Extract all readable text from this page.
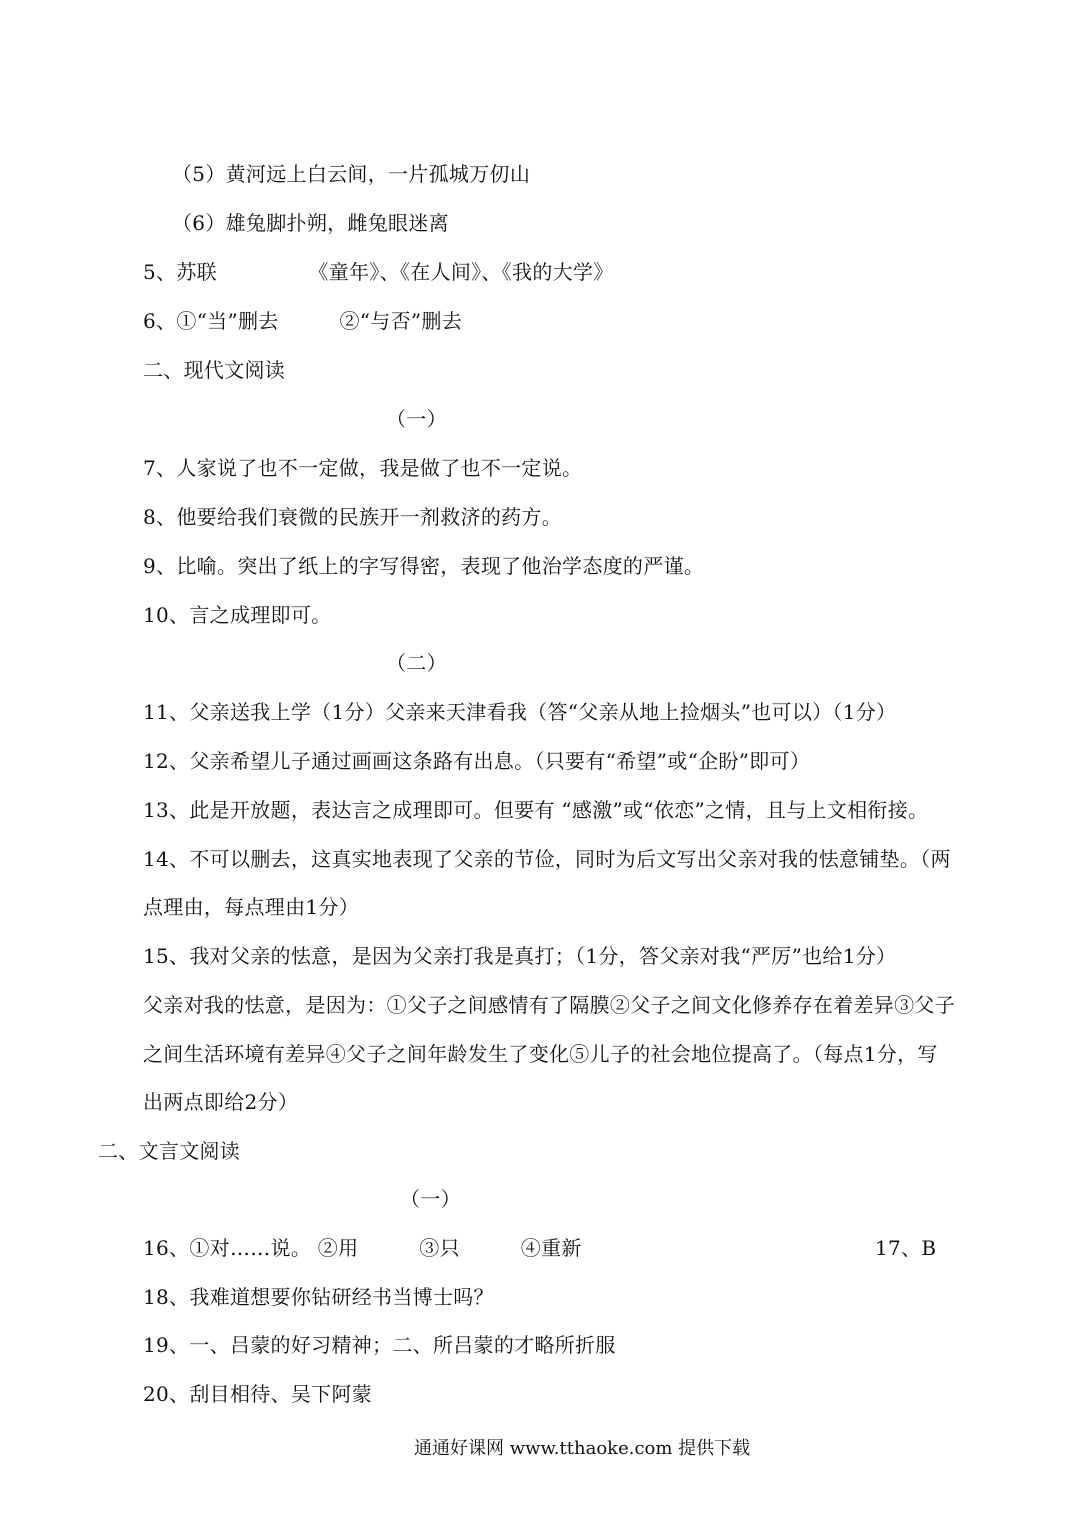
（5）黄河远上白云间，一片孤城万仞山
（6）雄兔脚扑朔，雌兔眼迷离
5、苏联　　　　　《童年》、《在人间》、《我的大学》
6、①“当”删去　　　②“与否”删去
二、现代文阅读
（一）
7、人家说了也不一定做，我是做了也不一定说。
8、他要给我们衰微的民族开一剂救济的药方。
9、比喻。突出了纸上的字写得密，表现了他治学态度的严谨。
10、言之成理即可。
（二）
11、父亲送我上学（1分）父亲来天津看我（答“父亲从地上捡烟头”也可以）（1分）
12、父亲希望儿子通过画画这条路有出息。（只要有“希望”或“企盼”即可）
13、此是开放题，表达言之成理即可。但要有 “感激”或“依恋”之情，且与上文相衔接。
14、不可以删去，这真实地表现了父亲的节俭，同时为后文写出父亲对我的怯意铺垫。（两
点理由，每点理由1分）
15、我对父亲的怯意，是因为父亲打我是真打；（1分，答父亲对我“严厉”也给1分）
父亲对我的怯意，是因为：①父子之间感情有了隔膜②父子之间文化修养存在着差异③父子
之间生活环境有差异④父子之间年龄发生了变化⑤儿子的社会地位提高了。（每点1分，写
出两点即给2分）
二、文言文阅读
（一）
16、①对……说。 ②用　　　③只　　　④重新	17、B
18、我难道想要你钻研经书当博士吗？
19、一、吕蒙的好习精神；二、所吕蒙的才略所折服
20、刮目相待、吴下阿蒙
通通好课网 www.tthaoke.com 提供下载
